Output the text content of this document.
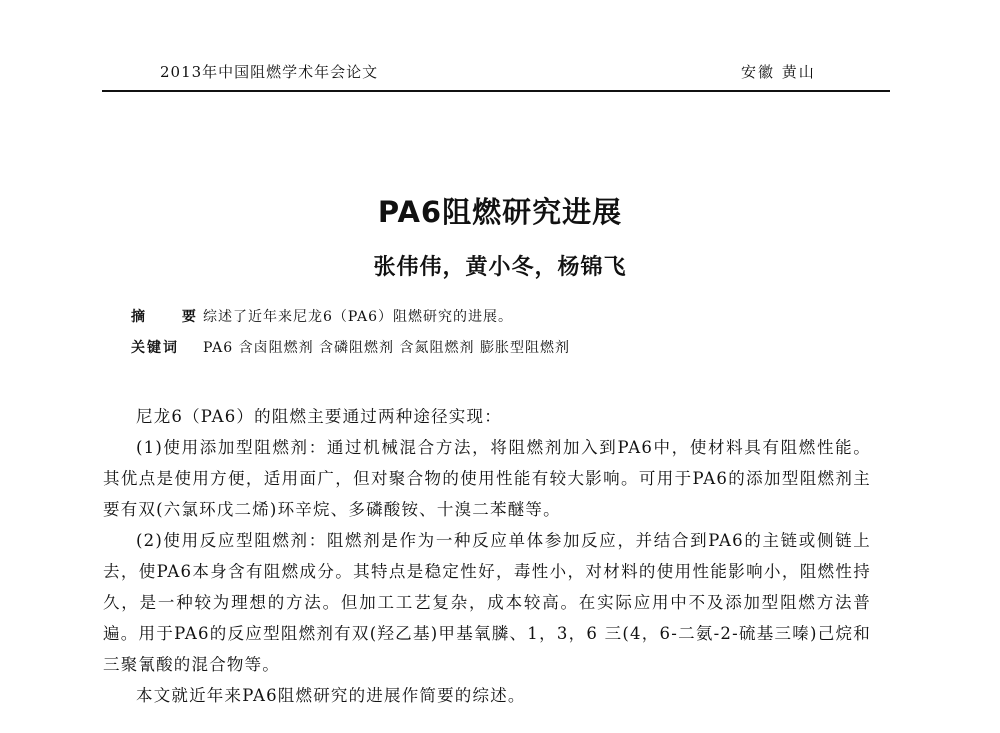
2013年中国阻燃学术年会论文	安徽 黄山
PA6阻燃研究进展
张伟伟，黄小冬，杨锦飞
摘 要
综述了近年来尼龙6（PA6）阻燃研究的进展。
关键词	PA6 含卤阻燃剂 含磷阻燃剂 含氮阻燃剂 膨胀型阻燃剂

尼龙6（PA6）的阻燃主要通过两种途径实现：

(1)使用添加型阻燃剂：通过机械混合方法，将阻燃剂加入到PA6中，使材料具有阻燃性能。其优点是使用方便，适用面广，但对聚合物的使用性能有较大影响。可用于PA6的添加型阻燃剂主要有双(六氯环戊二烯)环辛烷、多磷酸铵、十溴二苯醚等。

(2)使用反应型阻燃剂：阻燃剂是作为一种反应单体参加反应，并结合到PA6的主链或侧链上去，使PA6本身含有阻燃成分。其特点是稳定性好，毒性小，对材料的使用性能影响小，阻燃性持久，是一种较为理想的方法。但加工工艺复杂，成本较高。在实际应用中不及添加型阻燃方法普遍。用于PA6的反应型阻燃剂有双(羟乙基)甲基氧膦、1，3，6 三(4，6-二氨-2-硫基三嗪)己烷和三聚氰酸的混合物等。

本文就近年来PA6阻燃研究的进展作简要的综述。
